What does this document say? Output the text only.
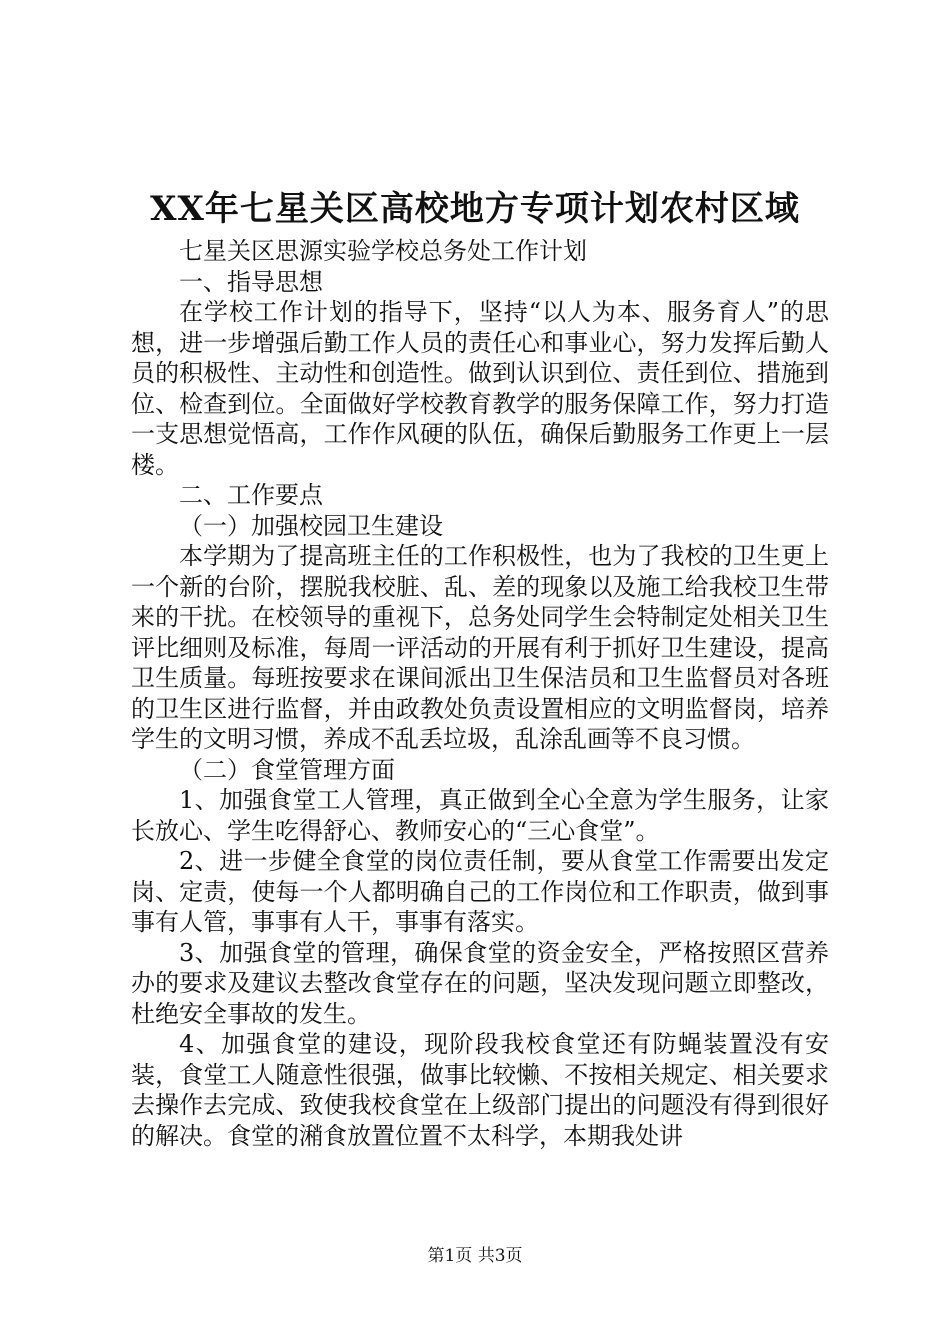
XX年七星关区高校地方专项计划农村区域

七星关区思源实验学校总务处工作计划

一、指导思想

在学校工作计划的指导下，坚持“以人为本、服务育人”的思想，进一步增强后勤工作人员的责任心和事业心，努力发挥后勤人员的积极性、主动性和创造性。做到认识到位、责任到位、措施到位、检查到位。全面做好学校教育教学的服务保障工作，努力打造一支思想觉悟高，工作作风硬的队伍，确保后勤服务工作更上一层楼。

二、工作要点

（一）加强校园卫生建设

本学期为了提高班主任的工作积极性，也为了我校的卫生更上一个新的台阶，摆脱我校脏、乱、差的现象以及施工给我校卫生带来的干扰。在校领导的重视下，总务处同学生会特制定处相关卫生评比细则及标准，每周一评活动的开展有利于抓好卫生建设，提高卫生质量。每班按要求在课间派出卫生保洁员和卫生监督员对各班的卫生区进行监督，并由政教处负责设置相应的文明监督岗，培养学生的文明习惯，养成不乱丢垃圾，乱涂乱画等不良习惯。

（二）食堂管理方面

1、加强食堂工人管理，真正做到全心全意为学生服务，让家长放心、学生吃得舒心、教师安心的“三心食堂”。

2、进一步健全食堂的岗位责任制，要从食堂工作需要出发定岗、定责，使每一个人都明确自己的工作岗位和工作职责，做到事事有人管，事事有人干，事事有落实。

3、加强食堂的管理，确保食堂的资金安全，严格按照区营养办的要求及建议去整改食堂存在的问题，坚决发现问题立即整改，杜绝安全事故的发生。

4、加强食堂的建设，现阶段我校食堂还有防蝇装置没有安装，食堂工人随意性很强，做事比较懒、不按相关规定、相关要求去操作去完成、致使我校食堂在上级部门提出的问题没有得到很好的解决。食堂的潲食放置位置不太科学，本期我处讲

第1页 共3页
